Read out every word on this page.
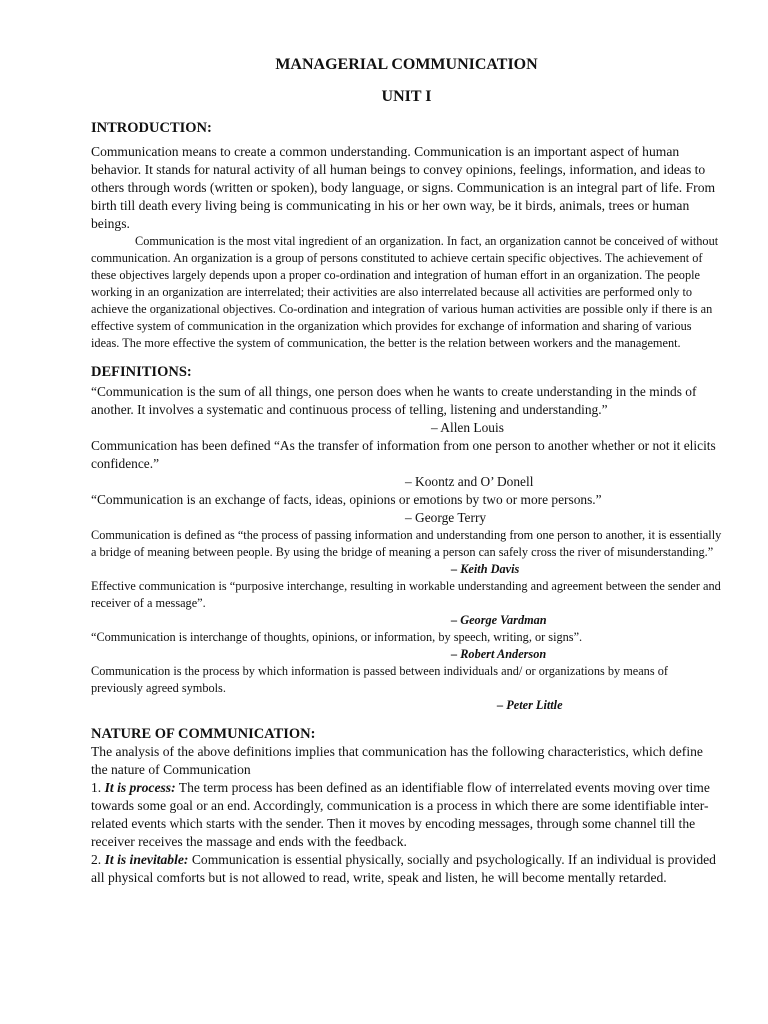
MANAGERIAL COMMUNICATION

UNIT I

INTRODUCTION:

Communication means to create a common understanding. Communication is an important aspect of human behavior. It stands for natural activity of all human beings to convey opinions, feelings, information, and ideas to others through words (written or spoken), body language, or signs. Communication is an integral part of life. From birth till death every living being is communicating in his or her own way, be it birds, animals, trees or human beings.

Communication is the most vital ingredient of an organization. In fact, an organization cannot be conceived of without communication. An organization is a group of persons constituted to achieve certain specific objectives. The achievement of these objectives largely depends upon a proper co-ordination and integration of human effort in an organization. The people working in an organization are interrelated; their activities are also interrelated because all activities are performed only to achieve the organizational objectives. Co-ordination and integration of various human activities are possible only if there is an effective system of communication in the organization which provides for exchange of information and sharing of various ideas. The more effective the system of communication, the better is the relation between workers and the management.

DEFINITIONS:

“Communication is the sum of all things, one person does when he wants to create understanding in the minds of another. It involves a systematic and continuous process of telling, listening and understanding.”

– Allen Louis

Communication has been defined “As the transfer of information from one person to another whether or not it elicits confidence.”

– Koontz and O’ Donell

“Communication is an exchange of facts, ideas, opinions or emotions by two or more persons.”

– George Terry

Communication is defined as “the process of passing information and understanding from one person to another, it is essentially a bridge of meaning between people. By using the bridge of meaning a person can safely cross the river of misunderstanding.”

– Keith Davis

Effective communication is “purposive interchange, resulting in workable understanding and agreement between the sender and receiver of a message”.

– George Vardman

“Communication is interchange of thoughts, opinions, or information, by speech, writing, or signs”.

– Robert Anderson

Communication is the process by which information is passed between individuals and/ or organizations by means of previously agreed symbols.

– Peter Little

NATURE OF COMMUNICATION:

The analysis of the above definitions implies that communication has the following characteristics, which define the nature of Communication

1. It is process: The term process has been defined as an identifiable flow of interrelated events moving over time towards some goal or an end. Accordingly, communication is a process in which there are some identifiable inter-related events which starts with the sender. Then it moves by encoding messages, through some channel till the receiver receives the massage and ends with the feedback.

2. It is inevitable: Communication is essential physically, socially and psychologically. If an individual is provided all physical comforts but is not allowed to read, write, speak and listen, he will become mentally retarded.
